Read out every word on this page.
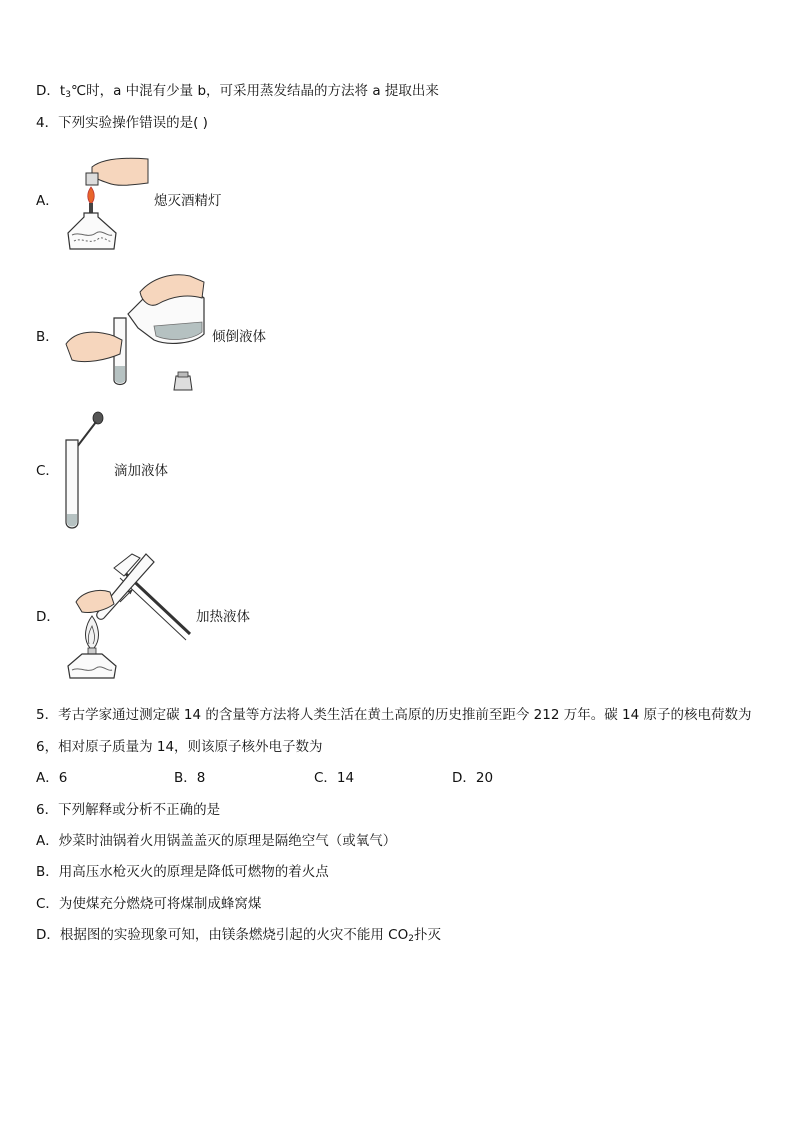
D．$t_3℃$时，a 中混有少量 b，可采用蒸发结晶的方法将 a 提取出来
4．下列实验操作错误的是( )
A．	熄灭酒精灯
B．	倾倒液体
C．	滴加液体
D．	加热液体
5．考古学家通过测定碳 14 的含量等方法将人类生活在黄土高原的历史推前至距今 212 万年。碳 14 原子的核电荷数为
6，相对原子质量为 14，则该原子核外电子数为
A．6	B．8	C．14	D．20
6．下列解释或分析不正确的是
A．炒菜时油锅着火用锅盖盖灭的原理是隔绝空气（或氧气）
B．用高压水枪灭火的原理是降低可燃物的着火点
C．为使煤充分燃烧可将煤制成蜂窝煤
D．根据图的实验现象可知，由镁条燃烧引起的火灾不能用 $CO_2$扑灭
